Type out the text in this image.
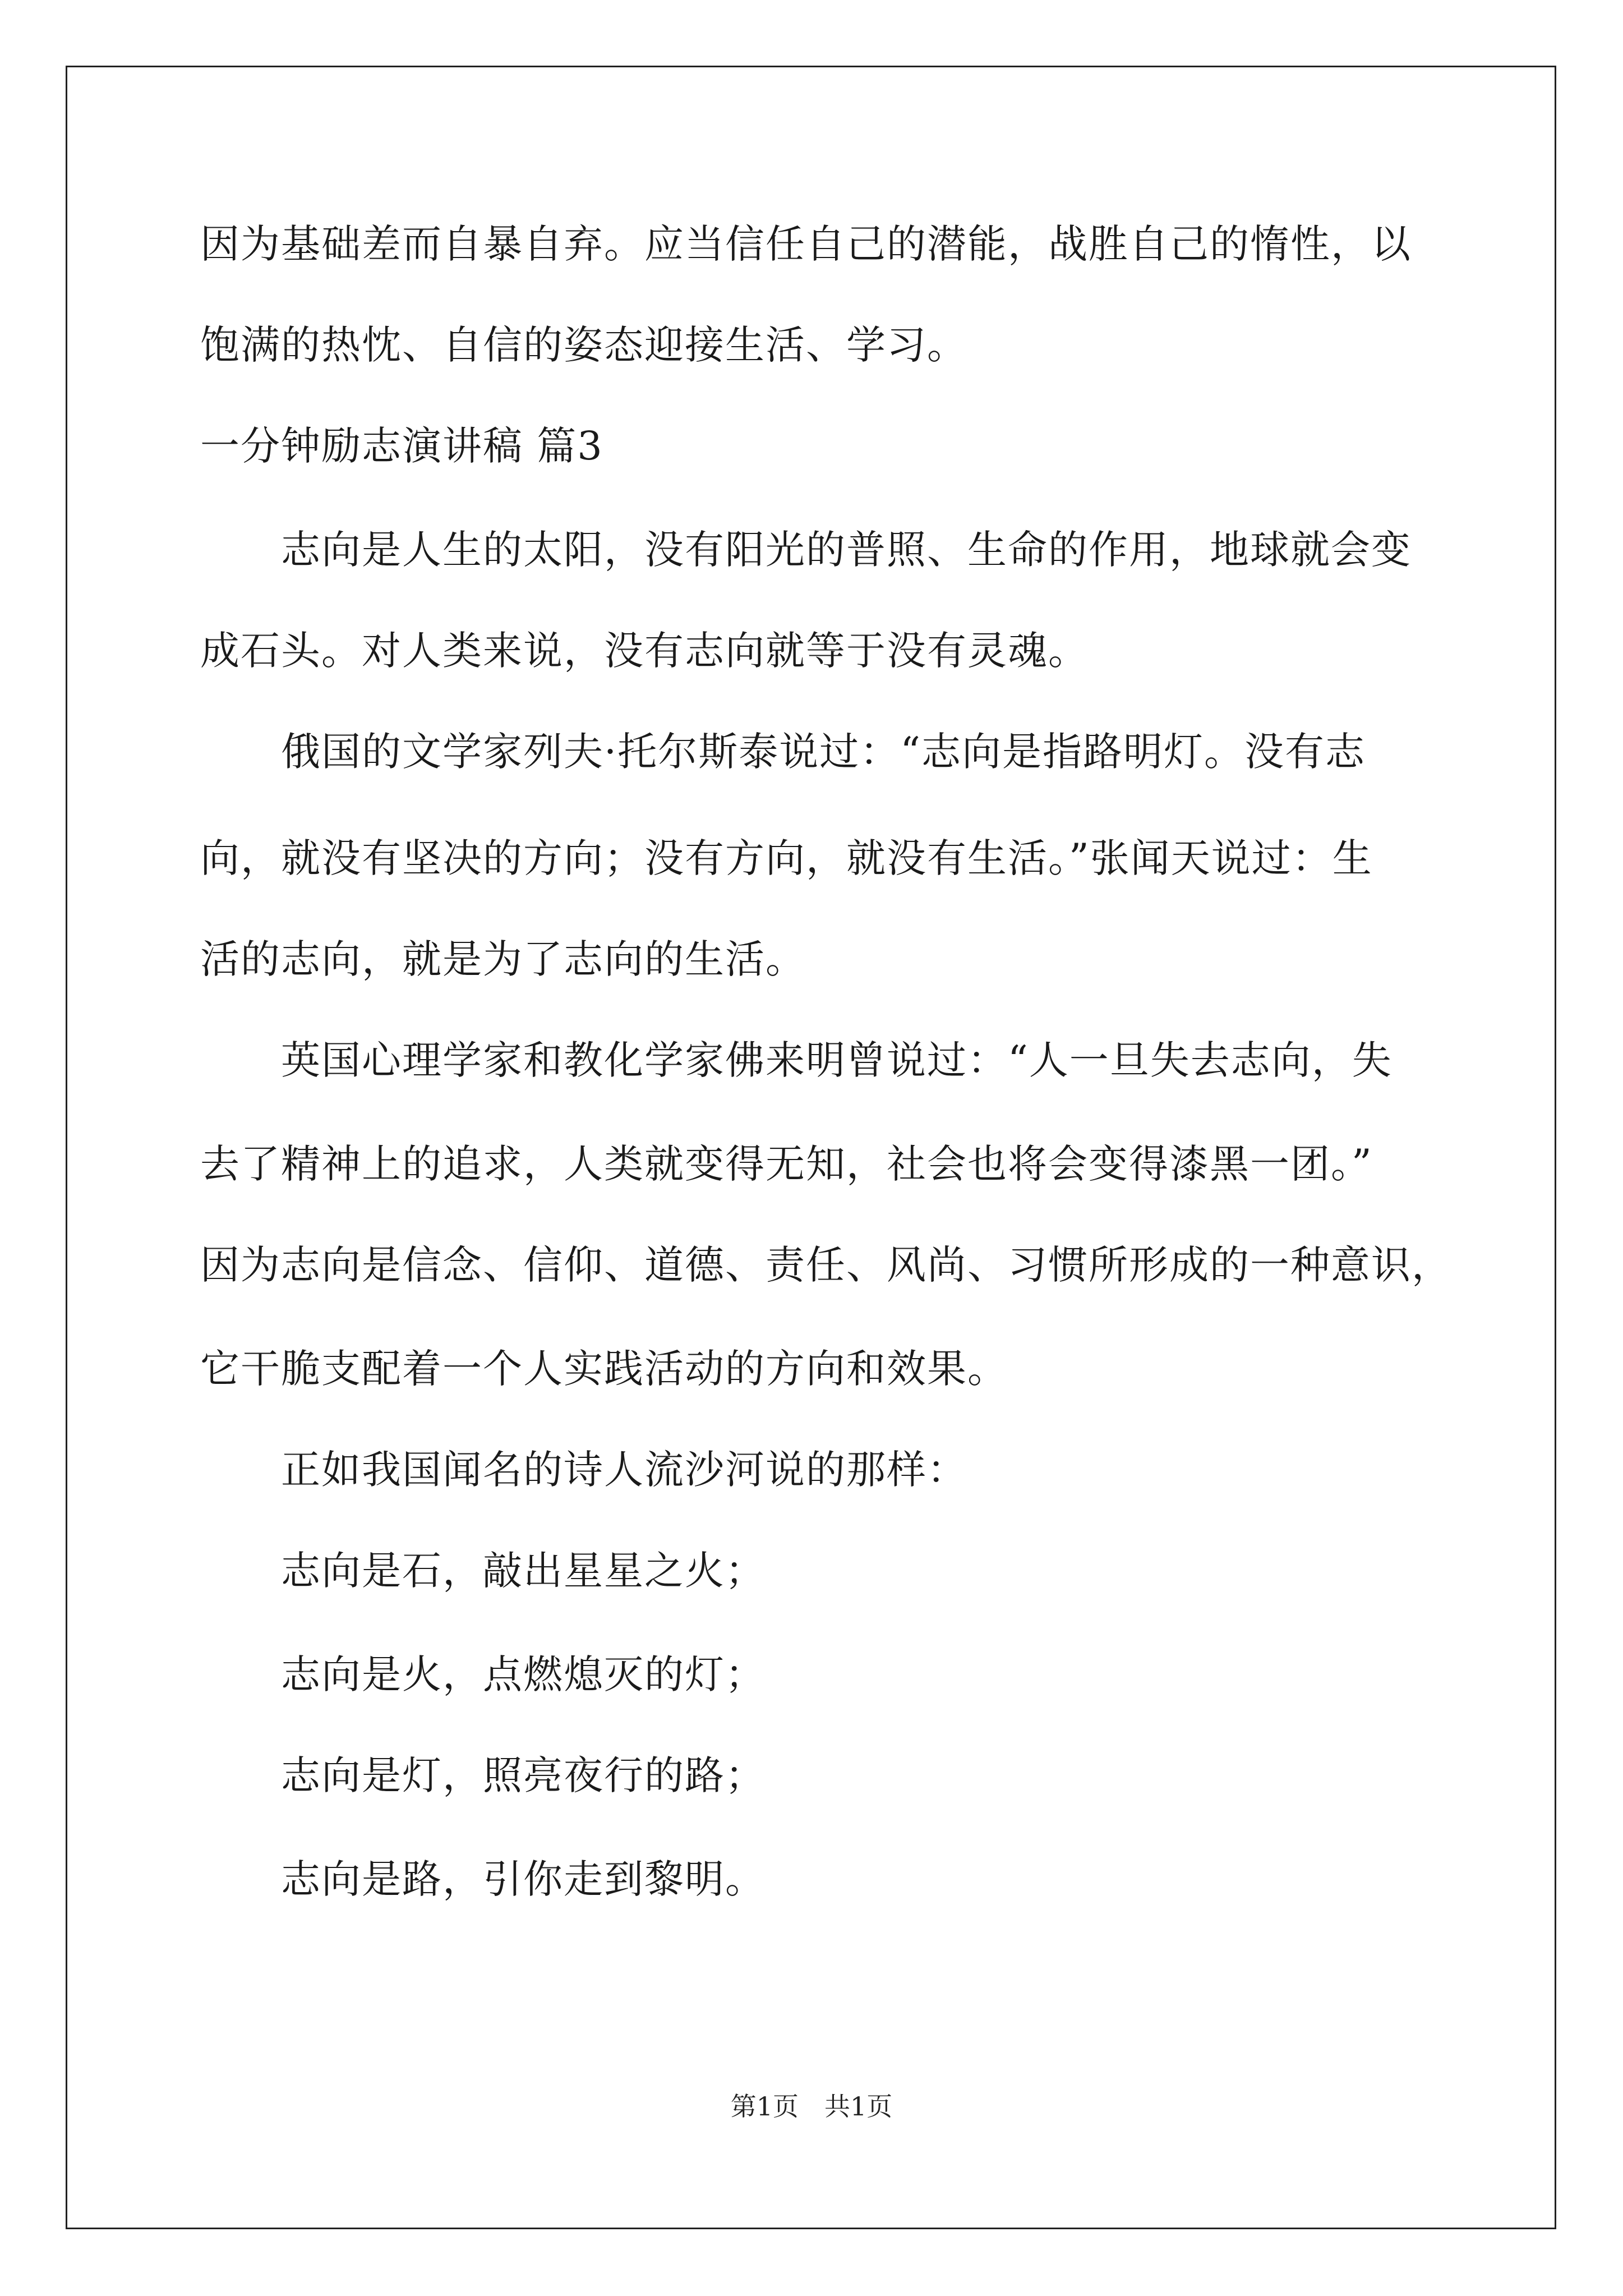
因为基础差而自暴自弃。应当信任自己的潜能，战胜自己的惰性，以
饱满的热忱、自信的姿态迎接生活、学习。
一分钟励志演讲稿 篇3
志向是人生的太阳，没有阳光的普照、生命的作用，地球就会变
成石头。对人类来说，没有志向就等于没有灵魂。
俄国的文学家列夫·托尔斯泰说过：“志向是指路明灯。没有志
向，就没有坚决的方向；没有方向，就没有生活。”张闻天说过：生
活的志向，就是为了志向的生活。
英国心理学家和教化学家佛来明曾说过：“人一旦失去志向，失
去了精神上的追求，人类就变得无知，社会也将会变得漆黑一团。”
因为志向是信念、信仰、道德、责任、风尚、习惯所形成的一种意识，
它干脆支配着一个人实践活动的方向和效果。
正如我国闻名的诗人流沙河说的那样：
志向是石，敲出星星之火；
志向是火，点燃熄灭的灯；
志向是灯，照亮夜行的路；
志向是路，引你走到黎明。
第1页　共1页
